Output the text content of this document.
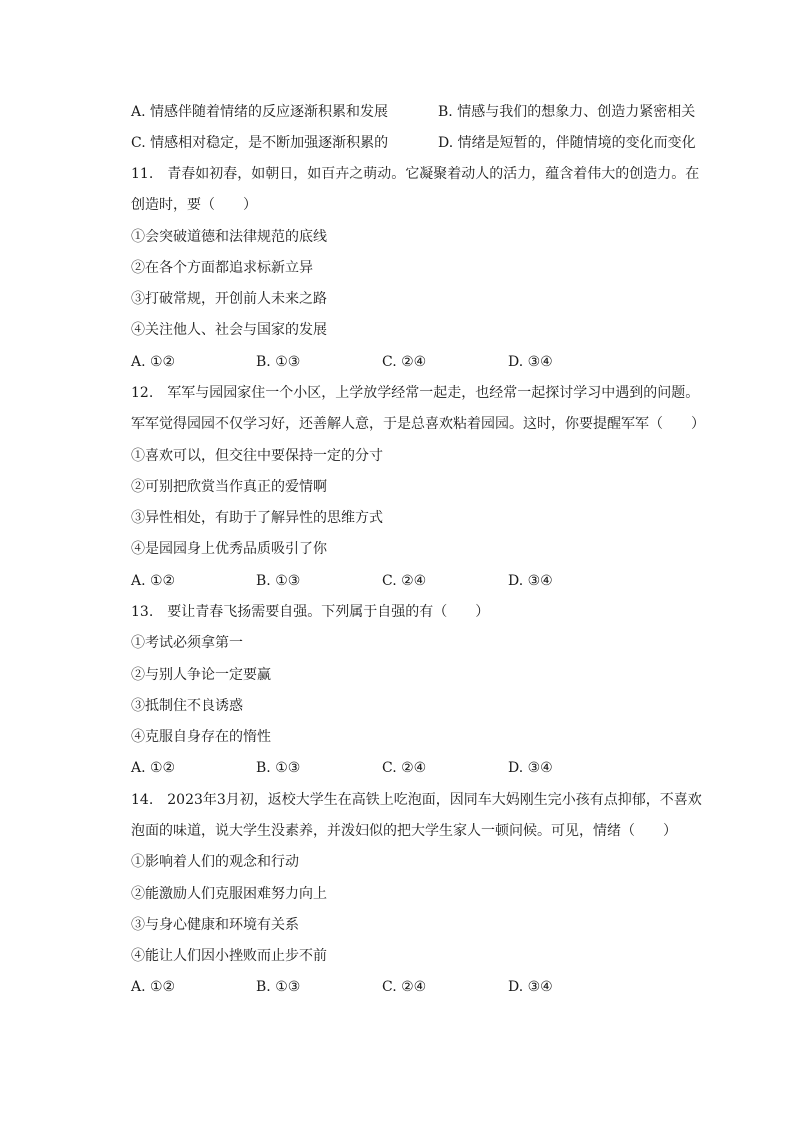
A. 情感伴随着情绪的反应逐渐积累和发展	B. 情感与我们的想象力、创造力紧密相关
C. 情感相对稳定，是不断加强逐渐积累的	D. 情绪是短暂的，伴随情境的变化而变化
11.　青春如初春，如朝日，如百卉之萌动。它凝聚着动人的活力，蕴含着伟大的创造力。在
创造时，要（　　）
①会突破道德和法律规范的底线
②在各个方面都追求标新立异
③打破常规，开创前人未来之路
④关注他人、社会与国家的发展
A. ①②	B. ①③	C. ②④	D. ③④
12.　军军与园园家住一个小区，上学放学经常一起走，也经常一起探讨学习中遇到的问题。
军军觉得园园不仅学习好，还善解人意，于是总喜欢粘着园园。这时，你要提醒军军（　　）
①喜欢可以，但交往中要保持一定的分寸
②可别把欣赏当作真正的爱情啊
③异性相处，有助于了解异性的思维方式
④是园园身上优秀品质吸引了你
A. ①②	B. ①③	C. ②④	D. ③④
13.　要让青春飞扬需要自强。下列属于自强的有（　　）
①考试必须拿第一
②与别人争论一定要赢
③抵制住不良诱惑
④克服自身存在的惰性
A. ①②	B. ①③	C. ②④	D. ③④
14.　2023年3月初，返校大学生在高铁上吃泡面，因同车大妈刚生完小孩有点抑郁，不喜欢
泡面的味道，说大学生没素养，并泼妇似的把大学生家人一顿问候。可见，情绪（　　）
①影响着人们的观念和行动
②能激励人们克服困难努力向上
③与身心健康和环境有关系
④能让人们因小挫败而止步不前
A. ①②	B. ①③	C. ②④	D. ③④
